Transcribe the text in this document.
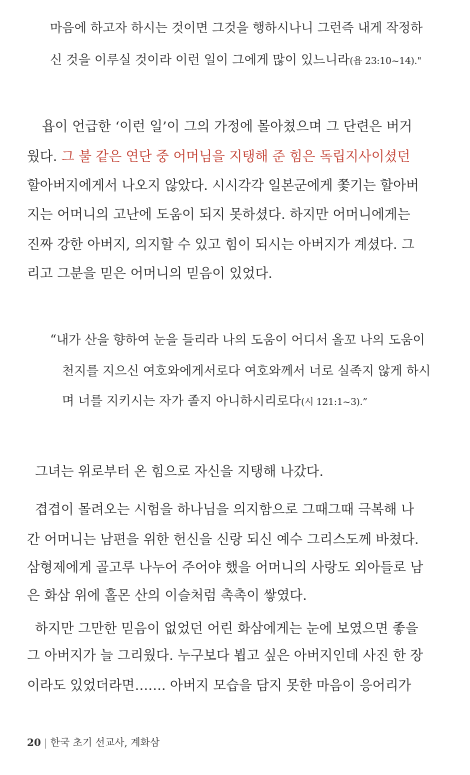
마음에 하고자 하시는 것이면 그것을 행하시나니 그런즉 내게 작정하
신 것을 이루실 것이라 이런 일이 그에게 많이 있느니라(욥 23:10~14)."
욥이 언급한 ‘이런 일’이 그의 가정에 몰아쳤으며 그 단련은 버거
웠다. 그 불 같은 연단 중 어머님을 지탱해 준 힘은 독립지사이셨던
할아버지에게서 나오지 않았다. 시시각각 일본군에게 쫓기는 할아버
지는 어머니의 고난에 도움이 되지 못하셨다. 하지만 어머니에게는
진짜 강한 아버지, 의지할 수 있고 힘이 되시는 아버지가 계셨다. 그
리고 그분을 믿은 어머니의 믿음이 있었다.
“내가 산을 향하여 눈을 들리라 나의 도움이 어디서 올꼬 나의 도움이
천지를 지으신 여호와에게서로다 여호와께서 너로 실족지 않게 하시
며 너를 지키시는 자가 졸지 아니하시리로다(시 121:1~3).”
그녀는 위로부터 온 힘으로 자신을 지탱해 나갔다.
겹겹이 몰려오는 시험을 하나님을 의지함으로 그때그때 극복해 나
간 어머니는 남편을 위한 헌신을 신랑 되신 예수 그리스도께 바쳤다.
삼형제에게 골고루 나누어 주어야 했을 어머니의 사랑도 외아들로 남
은 화삼 위에 홀몬 산의 이슬처럼 촉촉이 쌓였다.
하지만 그만한 믿음이 없었던 어린 화삼에게는 눈에 보였으면 좋을
그 아버지가 늘 그리웠다. 누구보다 뵙고 싶은 아버지인데 사진 한 장
이라도 있었더라면……. 아버지 모습을 담지 못한 마음이 응어리가
20 | 한국 초기 선교사, 계화삼
